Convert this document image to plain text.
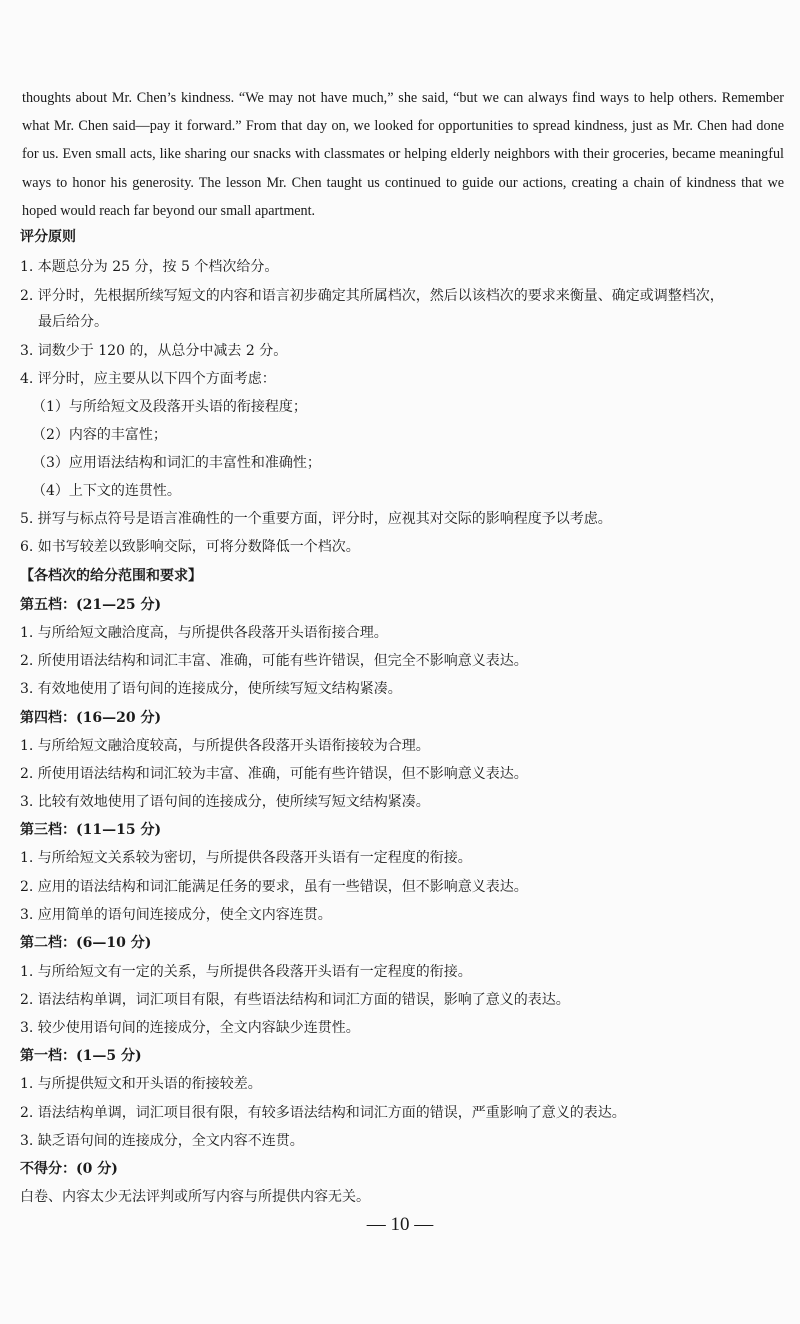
thoughts about Mr. Chen’s kindness. “We may not have much,” she said, “but we can always find ways to help others. Remember what Mr. Chen said—pay it forward.” From that day on, we looked for opportunities to spread kindness, just as Mr. Chen had done for us. Even small acts, like sharing our snacks with classmates or helping elderly neighbors with their groceries, became meaningful ways to honor his generosity. The lesson Mr. Chen taught us continued to guide our actions, creating a chain of kindness that we hoped would reach far beyond our small apartment.

评分原则
1. 本题总分为 25 分，按 5 个档次给分。
2. 评分时，先根据所续写短文的内容和语言初步确定其所属档次，然后以该档次的要求来衡量、确定或调整档次，
最后给分。
3. 词数少于 120 的，从总分中减去 2 分。
4. 评分时，应主要从以下四个方面考虑：
（1）与所给短文及段落开头语的衔接程度；
（2）内容的丰富性；
（3）应用语法结构和词汇的丰富性和准确性；
（4）上下文的连贯性。
5. 拼写与标点符号是语言准确性的一个重要方面，评分时，应视其对交际的影响程度予以考虑。
6. 如书写较差以致影响交际，可将分数降低一个档次。
【各档次的给分范围和要求】
第五档：(21—25 分)
1. 与所给短文融洽度高，与所提供各段落开头语衔接合理。
2. 所使用语法结构和词汇丰富、准确，可能有些许错误，但完全不影响意义表达。
3. 有效地使用了语句间的连接成分，使所续写短文结构紧凑。
第四档：(16—20 分)
1. 与所给短文融洽度较高，与所提供各段落开头语衔接较为合理。
2. 所使用语法结构和词汇较为丰富、准确，可能有些许错误，但不影响意义表达。
3. 比较有效地使用了语句间的连接成分，使所续写短文结构紧凑。
第三档：(11—15 分)
1. 与所给短文关系较为密切，与所提供各段落开头语有一定程度的衔接。
2. 应用的语法结构和词汇能满足任务的要求，虽有一些错误，但不影响意义表达。
3. 应用简单的语句间连接成分，使全文内容连贯。
第二档：(6—10 分)
1. 与所给短文有一定的关系，与所提供各段落开头语有一定程度的衔接。
2. 语法结构单调，词汇项目有限，有些语法结构和词汇方面的错误，影响了意义的表达。
3. 较少使用语句间的连接成分，全文内容缺少连贯性。
第一档：(1—5 分)
1. 与所提供短文和开头语的衔接较差。
2. 语法结构单调，词汇项目很有限，有较多语法结构和词汇方面的错误，严重影响了意义的表达。
3. 缺乏语句间的连接成分，全文内容不连贯。
不得分：(0 分)
白卷、内容太少无法评判或所写内容与所提供内容无关。
— 10 —
